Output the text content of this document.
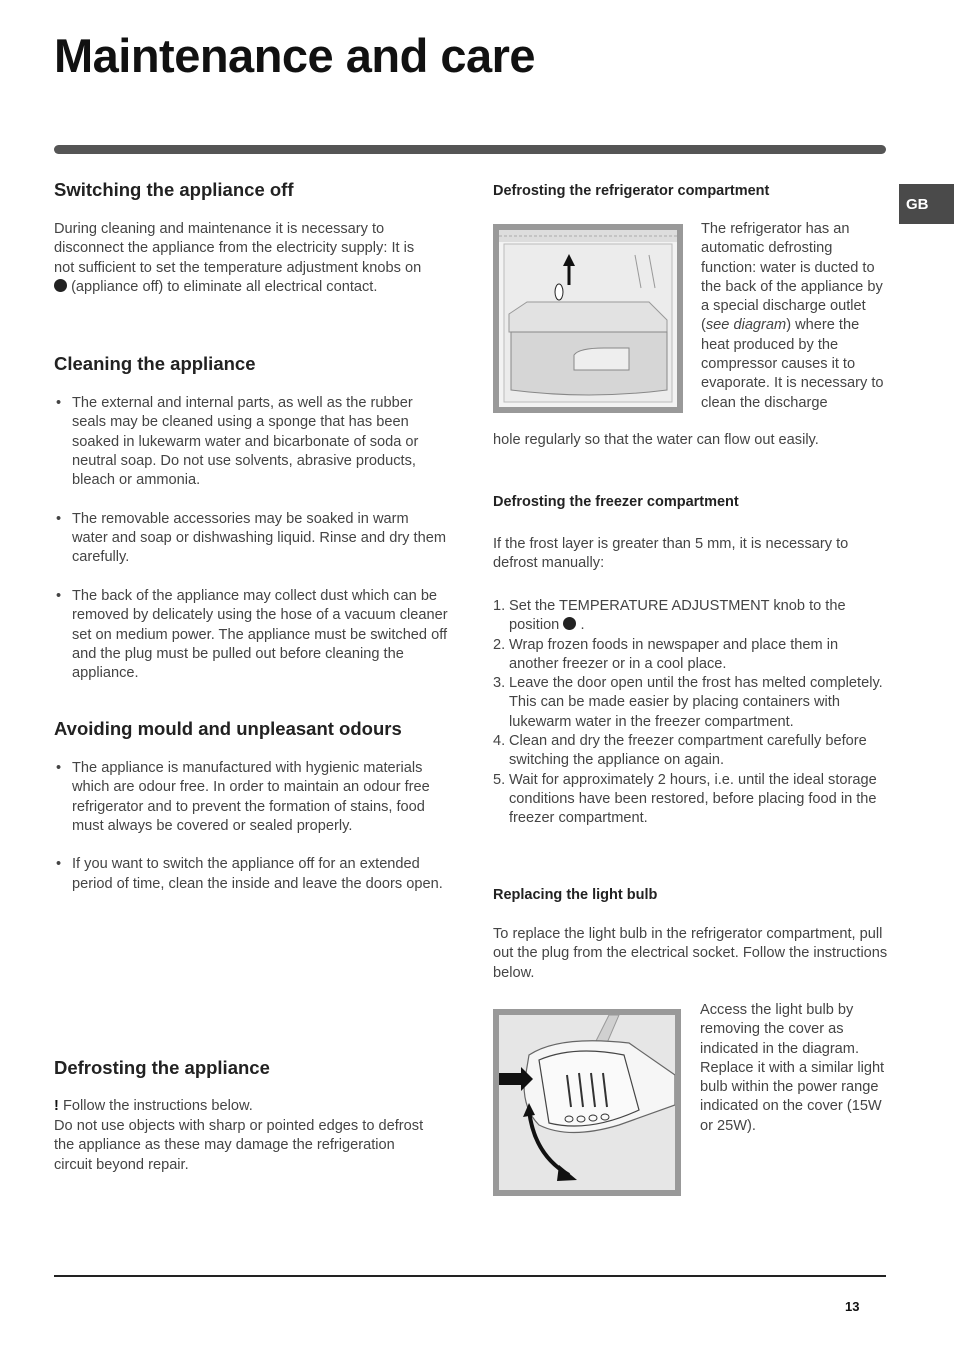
Maintenance and care
GB
Switching the appliance off

During cleaning and maintenance it is necessary to disconnect the appliance from the electricity supply: It is not sufficient to set the temperature adjustment knobs on  (appliance off) to eliminate all electrical contact.

Cleaning the appliance
• The external and internal parts, as well as the rubber seals may be cleaned using a sponge that has been soaked in lukewarm water and bicarbonate of soda or neutral soap. Do not use solvents, abrasive products, bleach or ammonia.
• The removable accessories may be soaked in warm water and soap or dishwashing liquid. Rinse and dry them carefully.
• The back of the appliance may collect dust which can be removed by delicately using the hose of a vacuum cleaner set on medium power. The appliance must be switched off and the plug must be pulled out before cleaning the appliance.
Avoiding mould and unpleasant odours
• The appliance is manufactured with hygienic materials which are odour free. In order to maintain an odour free refrigerator and to prevent the formation of stains, food must always be covered or sealed properly.
• If you want to switch the appliance off for an extended period of time, clean the inside and leave the doors open.
Defrosting the appliance

! Follow the instructions below.

Do not use objects with sharp or pointed edges to defrost the appliance as these may damage the refrigeration circuit beyond repair.

Defrosting the refrigerator compartment
The refrigerator has an automatic defrosting function: water is ducted to the back of the appliance by a special discharge outlet (see diagram) where the heat produced by the compressor causes it to evaporate. It is necessary to clean the discharge

hole regularly so that the water can flow out easily.

Defrosting the freezer compartment

If the frost layer is greater than 5 mm, it is necessary to defrost manually:

1. Set the TEMPERATURE ADJUSTMENT knob to the position .
2. Wrap frozen foods in newspaper and place them in another freezer or in a cool place.
3. Leave the door open until the frost has melted completely. This can be made easier by placing containers with lukewarm water in the freezer compartment.
4. Clean and dry the freezer compartment carefully before switching the appliance on again.
5. Wait for approximately 2 hours, i.e. until the ideal storage conditions have been restored, before placing food in the freezer compartment.
Replacing the light bulb

To replace the light bulb in the refrigerator compartment, pull out the plug from the electrical socket. Follow the instructions below.

Access the light bulb by removing the cover as indicated in the diagram. Replace it with a similar light bulb within the power range indicated on the cover (15W or 25W).
13
